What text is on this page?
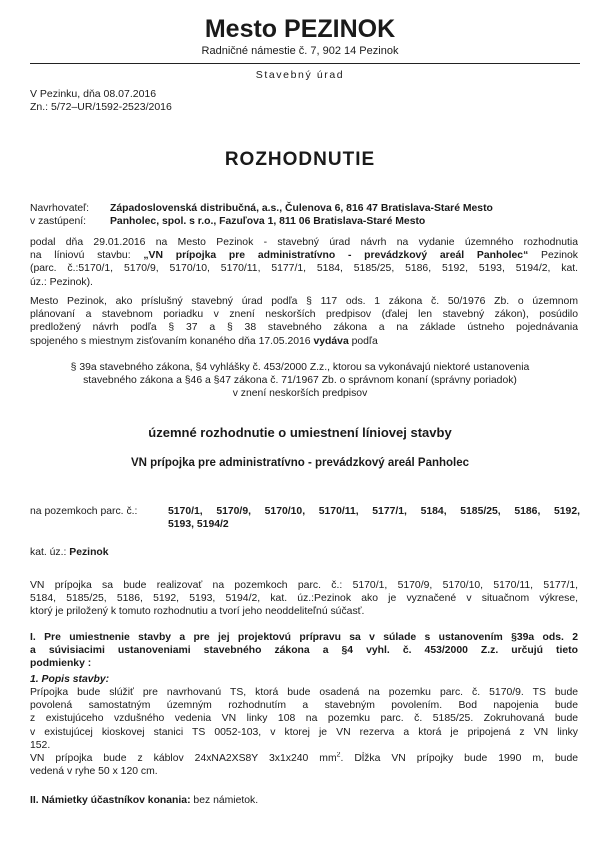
Mesto PEZINOK
Radničné námestie č. 7, 902 14 Pezinok
Stavebný úrad
V Pezinku, dňa 08.07.2016
Zn.: 5/72–UR/1592-2523/2016
ROZHODNUTIE
Navrhovateľ:	Západoslovenská distribučná, a.s., Čulenova 6, 816 47 Bratislava-Staré Mesto
v zastúpení:	Panholec, spol. s r.o., Fazuľova 1, 811 06 Bratislava-Staré Mesto
podal dňa 29.01.2016 na Mesto Pezinok - stavebný úrad návrh na vydanie územného rozhodnutia
na líniovú stavbu: „VN prípojka pre administratívno - prevádzkový areál Panholec“ Pezinok
(parc. č.:5170/1, 5170/9, 5170/10, 5170/11, 5177/1, 5184, 5185/25, 5186, 5192, 5193, 5194/2, kat.
úz.: Pezinok).
Mesto Pezinok, ako príslušný stavebný úrad podľa § 117 ods. 1 zákona č. 50/1976 Zb. o územnom
plánovaní a stavebnom poriadku v znení neskorších predpisov (ďalej len stavebný zákon), posúdilo
predložený návrh podľa § 37 a § 38 stavebného zákona a na základe ústneho pojednávania
spojeného s miestnym zisťovaním konaného dňa 17.05.2016 vydáva podľa
§ 39a stavebného zákona, §4 vyhlášky č. 453/2000 Z.z., ktorou sa vykonávajú niektoré ustanovenia
stavebného zákona a §46 a §47 zákona č. 71/1967 Zb. o správnom konaní (správny poriadok)
v znení neskorších predpisov
územné rozhodnutie o umiestnení líniovej stavby
VN prípojka pre administratívno - prevádzkový areál Panholec
na pozemkoch parc. č.:	5170/1, 5170/9, 5170/10, 5170/11, 5177/1, 5184, 5185/25, 5186, 5192,
5193, 5194/2
kat. úz.: Pezinok
VN prípojka sa bude realizovať na pozemkoch parc. č.: 5170/1, 5170/9, 5170/10, 5170/11, 5177/1,
5184, 5185/25, 5186, 5192, 5193, 5194/2, kat. úz.:Pezinok ako je vyznačené v situačnom výkrese,
ktorý je priložený k tomuto rozhodnutiu a tvorí jeho neoddeliteľnú súčasť.
I. Pre umiestnenie stavby a pre jej projektovú prípravu sa v súlade s ustanovením §39a ods. 2
a súvisiacimi ustanoveniami stavebného zákona a §4 vyhl. č. 453/2000 Z.z. určujú tieto
podmienky :
1. Popis stavby:
Prípojka bude slúžiť pre navrhovanú TS, ktorá bude osadená na pozemku parc. č. 5170/9. TS bude
povolená samostatným územným rozhodnutím a stavebným povolením. Bod napojenia bude
z existujúceho vzdušného vedenia VN linky 108 na pozemku parc. č. 5185/25. Zokruhovaná bude
v existujúcej kioskovej stanici TS 0052-103, v ktorej je VN rezerva a ktorá je pripojená z VN linky
152.
VN prípojka bude z káblov 24xNA2XS8Y 3x1x240 $mm^2$. Dĺžka VN prípojky bude 1990 m, bude
vedená v ryhe 50 x 120 cm.
II. Námietky účastníkov konania: bez námietok.
